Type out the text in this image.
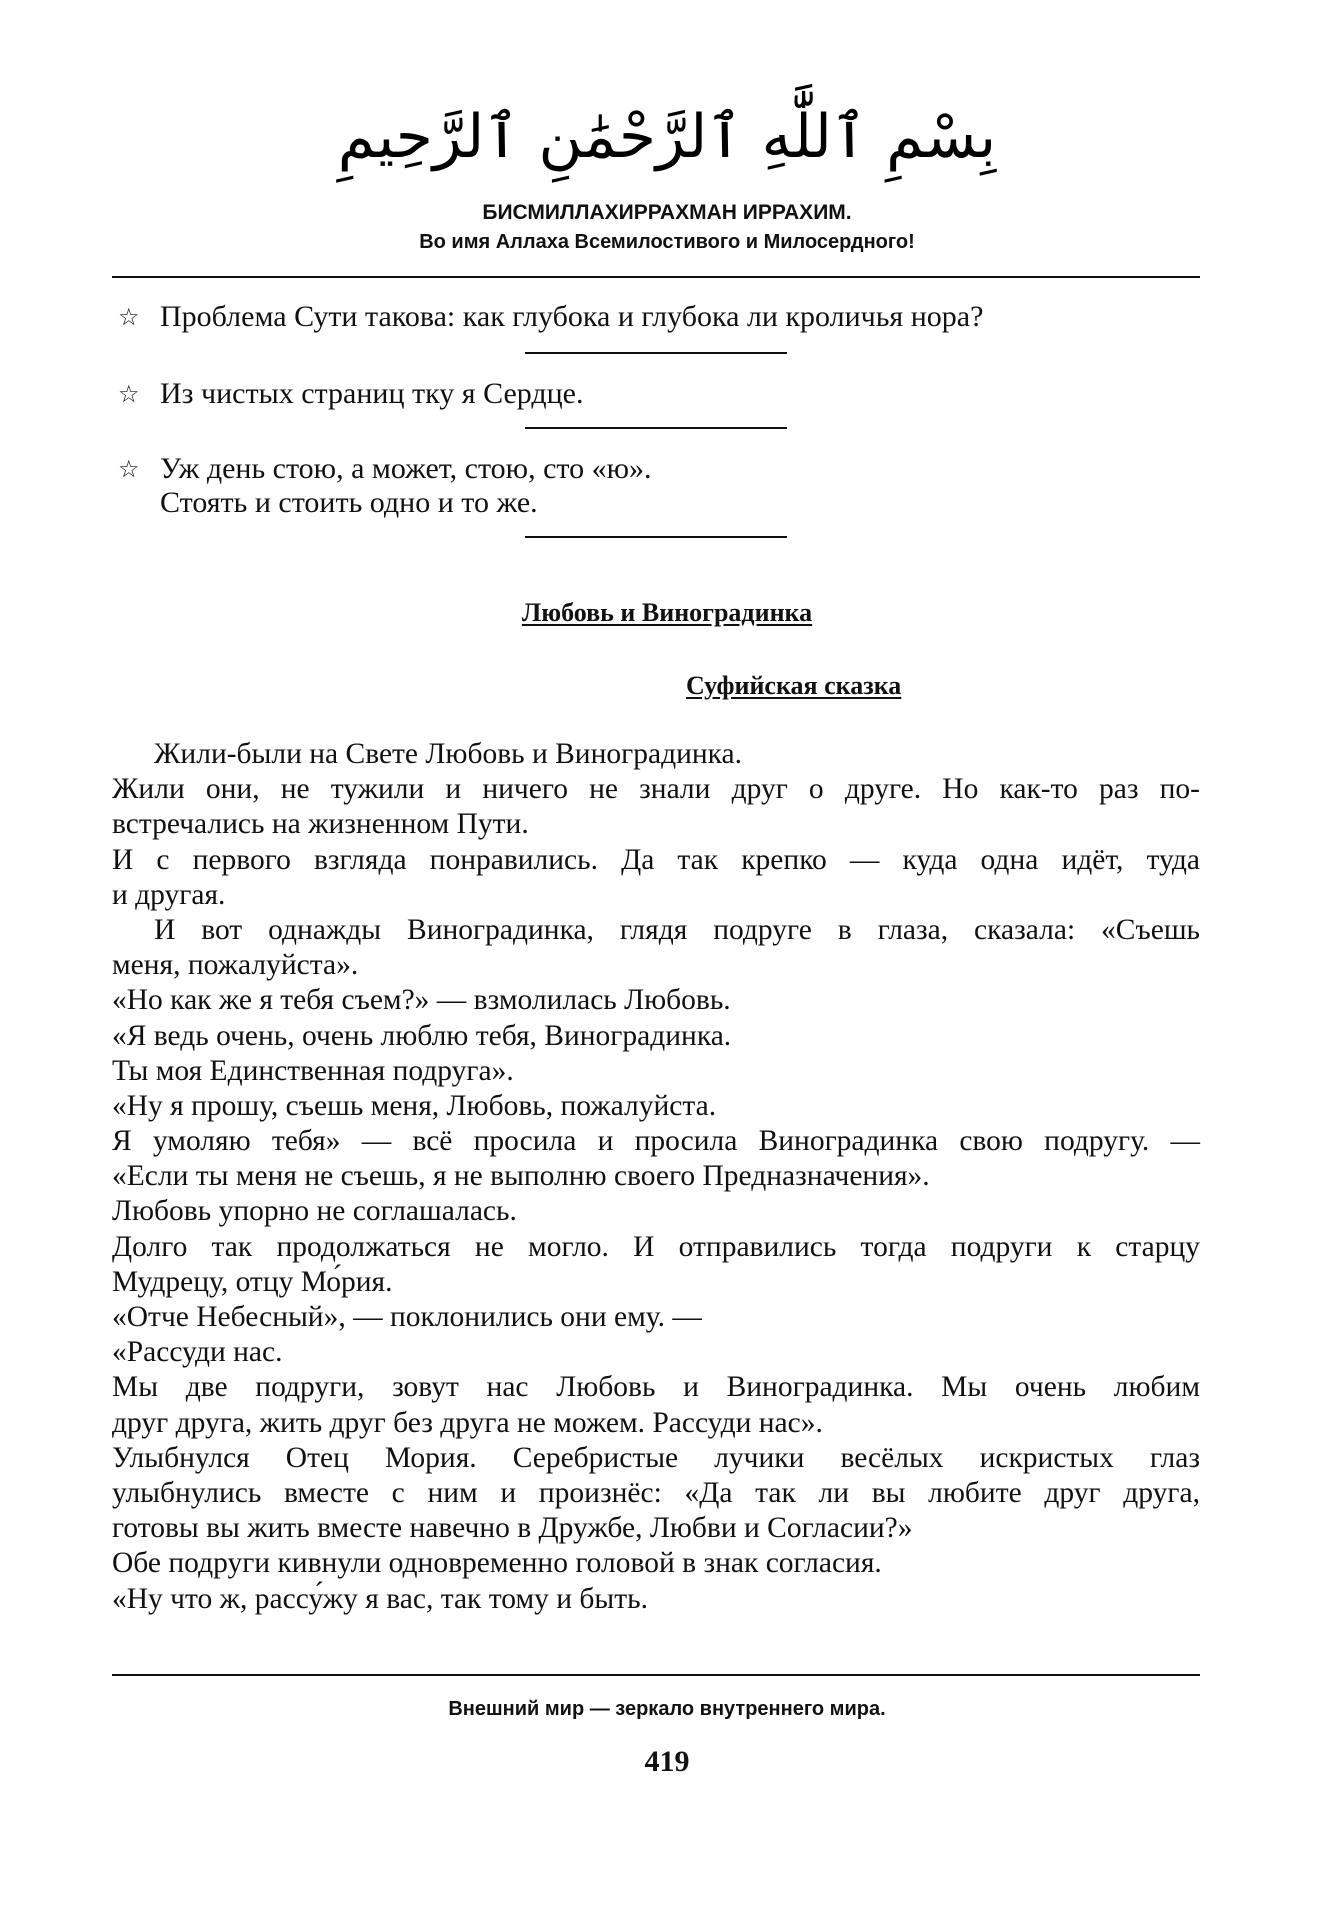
بِسْمِ ٱللَّٰهِ ٱلرَّحْمَٰنِ ٱلرَّحِيمِ
БИСМИЛЛАХИРРАХМАН ИРРАХИМ.
Во имя Аллаха Всемилостивого и Милосердного!
☆ Проблема Сути такова: как глубока и глубока ли кроличья нора?
☆ Из чистых страниц тку я Сердце.
☆ Уж день стою, а может, стою, сто «ю».
Стоять и стоить одно и то же.
Любовь и Виноградинка
Суфийская сказка
Жили-были на Свете Любовь и Виноградинка.
Жили они, не тужили и ничего не знали друг о друге. Но как-то раз по-
встречались на жизненном Пути.
И с первого взгляда понравились. Да так крепко — куда одна идёт, туда
и другая.
И вот однажды Виноградинка, глядя подруге в глаза, сказала: «Съешь
меня, пожалуйста».
«Но как же я тебя съем?» — взмолилась Любовь.
«Я ведь очень, очень люблю тебя, Виноградинка.
Ты моя Единственная подруга».
«Ну я прошу, съешь меня, Любовь, пожалуйста.
Я умоляю тебя» — всё просила и просила Виноградинка свою подругу. —
«Если ты меня не съешь, я не выполню своего Предназначения».
Любовь упорно не соглашалась.
Долго так продолжаться не могло. И отправились тогда подруги к старцу
Мудрецу, отцу Мо́рия.
«Отче Небесный», — поклонились они ему. —
«Рассуди нас.
Мы две подруги, зовут нас Любовь и Виноградинка. Мы очень любим
друг друга, жить друг без друга не можем. Рассуди нас».
Улыбнулся Отец Мория. Серебристые лучики весёлых искристых глаз
улыбнулись вместе с ним и произнёс: «Да так ли вы любите друг друга,
готовы вы жить вместе навечно в Дружбе, Любви и Согласии?»
Обе подруги кивнули одновременно головой в знак согласия.
«Ну что ж, рассу́жу я вас, так тому и быть.
Внешний мир — зеркало внутреннего мира.
419
